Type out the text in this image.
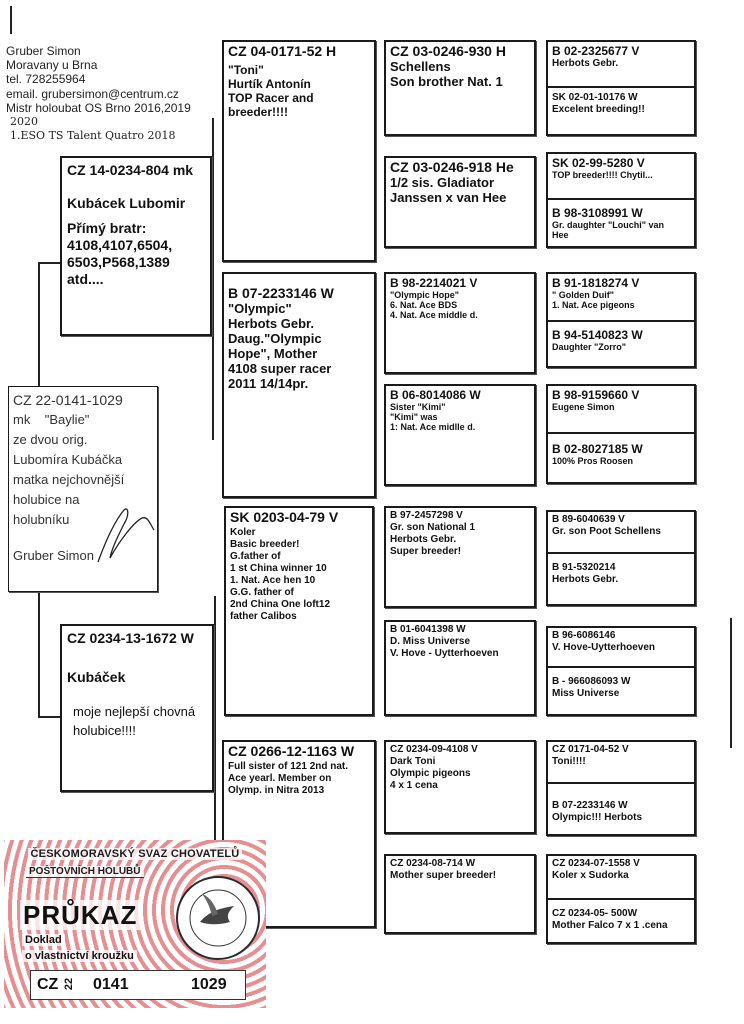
Gruber Simon
Moravany u Brna
tel. 728255964
email. grubersimon@centrum.cz
Mistr holoubat OS Brno 2016,2019
2020
1.ESO TS Talent Quatro 2018
CZ 22-0141-1029
mk    "Baylie"
ze dvou orig.
Lubomíra Kubáčka
matka nejchovnější
holubice na
holubníku
Gruber Simon
CZ 14-0234-804 mk
Kubácek Lubomir
Přímý bratr:
4108,4107,6504,
6503,P568,1389
atd....
CZ 0234-13-1672 W
Kubáček
moje nejlepší chovná
holubice!!!!
CZ 04-0171-52 H
"Toni"
Hurtík Antonín
TOP Racer and
breeder!!!!
B 07-2233146 W
"Olympic"
Herbots Gebr.
Daug."Olympic
Hope", Mother
4108 super racer
2011 14/14pr.
SK 0203-04-79 V
Koler
Basic breeder!
G.father of
1 st China winner 10
1. Nat. Ace hen 10
G.G. father of
2nd China One loft12
father Calibos
CZ 0266-12-1163 W
Full sister of 121 2nd nat.
Ace yearl. Member on
Olymp. in Nitra 2013
CZ 03-0246-930 H
Schellens
Son brother Nat. 1
CZ 03-0246-918 He
1/2 sis. Gladiator
Janssen x van Hee
B 98-2214021 V
"Olympic Hope"
6. Nat. Ace BDS
4. Nat. Ace middle d.
B 06-8014086 W
Sister "Kimi"
"Kimi" was
1: Nat. Ace midlle d.
B 97-2457298 V
Gr. son National 1
Herbots Gebr.
Super breeder!
B 01-6041398 W
D. Miss Universe
V. Hove - Uytterhoeven
CZ 0234-09-4108 V
Dark Toni
Olympic pigeons
4 x 1 cena
CZ 0234-08-714 W
Mother super breeder!
B 02-2325677 V
Herbots Gebr.
SK 02-01-10176 W
Excelent breeding!!
SK 02-99-5280 V
TOP breeder!!!! Chytil...
B 98-3108991 W
Gr. daughter "Louchi" van
Hee
B 91-1818274 V
" Golden Duif"
1. Nat. Ace pigeons
B 94-5140823 W
Daughter "Zorro"
B 98-9159660 V
Eugene Simon
B 02-8027185 W
100% Pros Roosen
B 89-6040639 V
Gr. son Poot Schellens
B 91-5320214
Herbots Gebr.
B 96-6086146
V. Hove-Uytterhoeven
B - 966086093 W
Miss Universe
CZ 0171-04-52 V
Toni!!!!
B 07-2233146 W
Olympic!!! Herbots
CZ 0234-07-1558 V
Koler x Sudorka
CZ 0234-05- 500W
Mother Falco 7 x 1 .cena
ČESKOMORAVSKÝ SVAZ CHOVATELŮ
POŠTOVNÍCH HOLUBŮ
PRŮKAZ
Doklad
o vlastnictví kroužku
CZ 22 0141	1029
